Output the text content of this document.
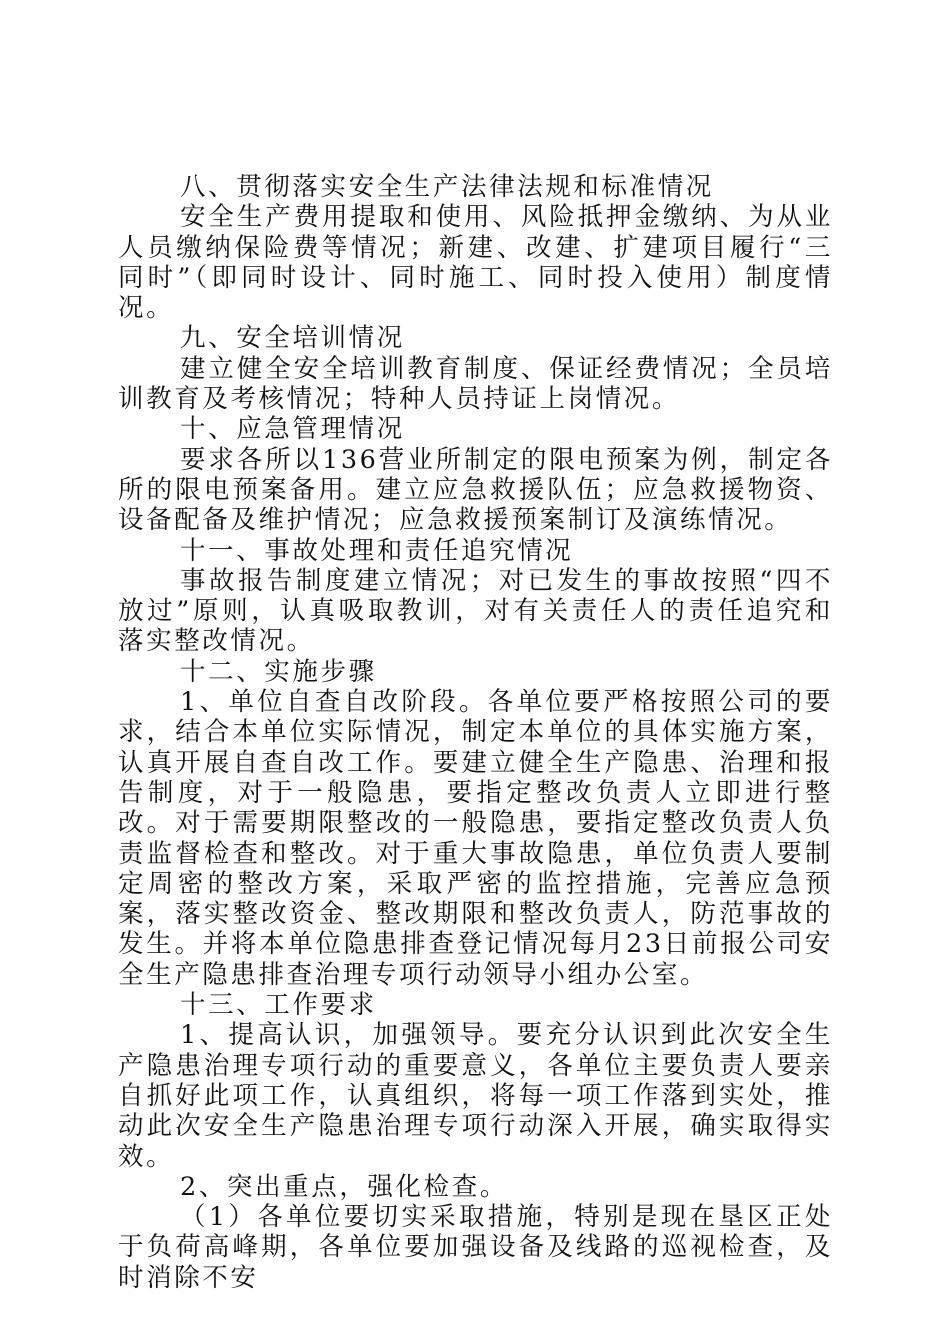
八、贯彻落实安全生产法律法规和标准情况

安全生产费用提取和使用、风险抵押金缴纳、为从业人员缴纳保险费等情况；新建、改建、扩建项目履行“三同时”（即同时设计、同时施工、同时投入使用）制度情况。

九、安全培训情况

建立健全安全培训教育制度、保证经费情况；全员培训教育及考核情况；特种人员持证上岗情况。

十、应急管理情况

要求各所以136营业所制定的限电预案为例，制定各所的限电预案备用。建立应急救援队伍；应急救援物资、设备配备及维护情况；应急救援预案制订及演练情况。

十一、事故处理和责任追究情况

事故报告制度建立情况；对已发生的事故按照“四不放过”原则，认真吸取教训，对有关责任人的责任追究和落实整改情况。

十二、实施步骤

1、单位自查自改阶段。各单位要严格按照公司的要求，结合本单位实际情况，制定本单位的具体实施方案，认真开展自查自改工作。要建立健全生产隐患、治理和报告制度，对于一般隐患，要指定整改负责人立即进行整改。对于需要期限整改的一般隐患，要指定整改负责人负责监督检查和整改。对于重大事故隐患，单位负责人要制定周密的整改方案，采取严密的监控措施，完善应急预案，落实整改资金、整改期限和整改负责人，防范事故的发生。并将本单位隐患排查登记情况每月23日前报公司安全生产隐患排查治理专项行动领导小组办公室。

十三、工作要求

1、提高认识，加强领导。要充分认识到此次安全生产隐患治理专项行动的重要意义，各单位主要负责人要亲自抓好此项工作，认真组织，将每一项工作落到实处，推动此次安全生产隐患治理专项行动深入开展，确实取得实效。

2、突出重点，强化检查。

（1）各单位要切实采取措施，特别是现在垦区正处于负荷高峰期，各单位要加强设备及线路的巡视检查，及时消除不安
